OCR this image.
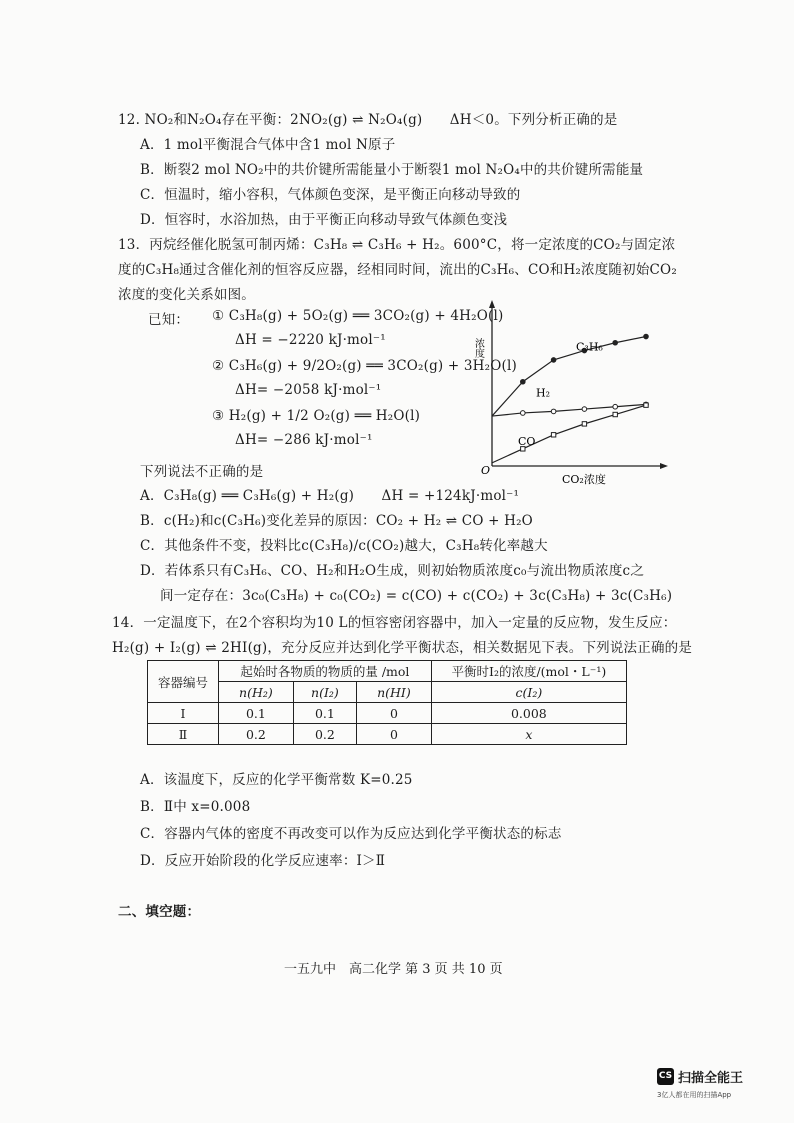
12. NO₂和N₂O₄存在平衡：2NO₂(g) ⇌ N₂O₄(g)　　ΔH＜0。下列分析正确的是
A．1 mol平衡混合气体中含1 mol N原子
B．断裂2 mol NO₂中的共价键所需能量小于断裂1 mol N₂O₄中的共价键所需能量
C．恒温时，缩小容积，气体颜色变深，是平衡正向移动导致的
D．恒容时，水浴加热，由于平衡正向移动导致气体颜色变浅
13．丙烷经催化脱氢可制丙烯：C₃H₈ ⇌ C₃H₆ + H₂。600°C，将一定浓度的CO₂与固定浓
度的C₃H₈通过含催化剂的恒容反应器，经相同时间，流出的C₃H₆、CO和H₂浓度随初始CO₂
浓度的变化关系如图。
已知： ① C₃H₈(g) + 5O₂(g) ══ 3CO₂(g) + 4H₂O(l)
ΔH = −2220 kJ·mol⁻¹
② C₃H₆(g) + 9/2O₂(g) ══ 3CO₂(g) + 3H₂O(l)
ΔH= −2058 kJ·mol⁻¹
③ H₂(g) + 1/2 O₂(g) ══ H₂O(l)
ΔH= −286 kJ·mol⁻¹
下列说法不正确的是
A．C₃H₈(g) ══ C₃H₆(g) + H₂(g)　　ΔH = +124kJ·mol⁻¹
B．c(H₂)和c(C₃H₆)变化差异的原因：CO₂ + H₂ ⇌ CO + H₂O
C．其他条件不变，投料比c(C₃H₈)/c(CO₂)越大，C₃H₈转化率越大
D．若体系只有C₃H₆、CO、H₂和H₂O生成，则初始物质浓度c₀与流出物质浓度c之
间一定存在：3c₀(C₃H₈) + c₀(CO₂) = c(CO) + c(CO₂) + 3c(C₃H₈) + 3c(C₃H₆)
浓度
CO₂浓度
O
C₃H₆
H₂
CO
14．一定温度下，在2个容积均为10 L的恒容密闭容器中，加入一定量的反应物，发生反应：
H₂(g) + I₂(g) ⇌ 2HI(g)，充分反应并达到化学平衡状态，相关数据见下表。下列说法正确的是
容器编号	起始时各物质的物质的量 /mol			平衡时I₂的浓度/(mol・L⁻¹)
	n(H₂)	n(I₂)	n(HI)	c(I₂)
Ⅰ	0.1	0.1	0	0.008
Ⅱ	0.2	0.2	0	x
A．该温度下，反应的化学平衡常数 K=0.25
B．Ⅱ中 x=0.008
C．容器内气体的密度不再改变可以作为反应达到化学平衡状态的标志
D．反应开始阶段的化学反应速率：Ⅰ＞Ⅱ
二、填空题：
一五九中　高二化学 第 3 页 共 10 页
CS 扫描全能王
3亿人都在用的扫描App
